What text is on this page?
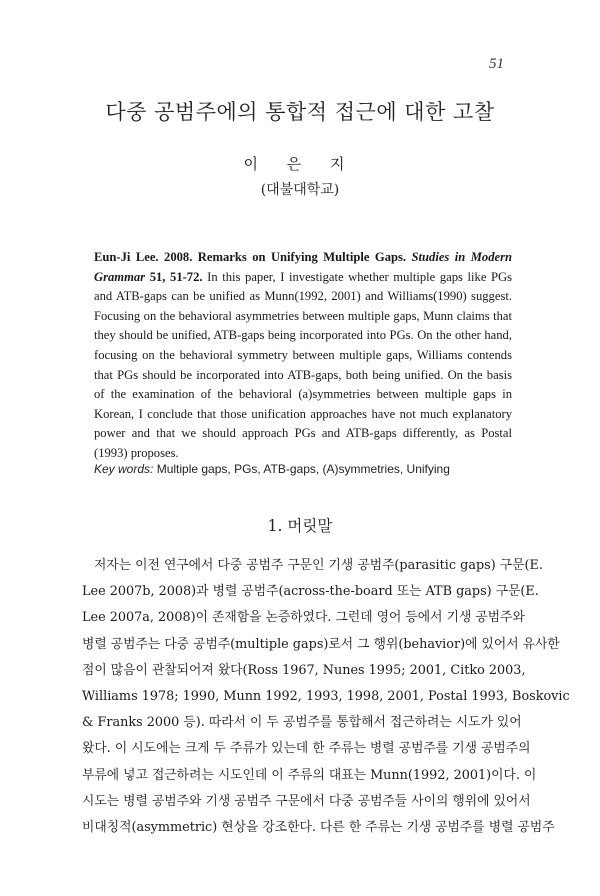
51
다중 공범주에의 통합적 접근에 대한 고찰
이 은 지
(대불대학교)
Eun-Ji Lee. 2008. Remarks on Unifying Multiple Gaps. Studies in Modern Grammar 51, 51-72. In this paper, I investigate whether multiple gaps like PGs and ATB-gaps can be unified as Munn(1992, 2001) and Williams(1990) suggest. Focusing on the behavioral asymmetries between multiple gaps, Munn claims that they should be unified, ATB-gaps being incorporated into PGs. On the other hand, focusing on the behavioral symmetry between multiple gaps, Williams contends that PGs should be incorporated into ATB-gaps, both being unified. On the basis of the examination of the behavioral (a)symmetries between multiple gaps in Korean, I conclude that those unification approaches have not much explanatory power and that we should approach PGs and ATB-gaps differently, as Postal (1993) proposes.
Key words: Multiple gaps, PGs, ATB-gaps, (A)symmetries, Unifying
1. 머릿말
저자는 이전 연구에서 다중 공범주 구문인 기생 공범주(parasitic gaps) 구문(E.
Lee 2007b, 2008)과 병렬 공범주(across-the-board 또는 ATB gaps) 구문(E.
Lee 2007a, 2008)이 존재함을 논증하였다. 그런데 영어 등에서 기생 공범주와
병렬 공범주는 다중 공범주(multiple gaps)로서 그 행위(behavior)에 있어서 유사한
점이 많음이 관찰되어져 왔다(Ross 1967, Nunes 1995; 2001, Citko 2003,
Williams 1978; 1990, Munn 1992, 1993, 1998, 2001, Postal 1993, Boskovic
& Franks 2000 등). 따라서 이 두 공범주를 통합해서 접근하려는 시도가 있어
왔다. 이 시도에는 크게 두 주류가 있는데 한 주류는 병렬 공범주를 기생 공범주의
부류에 넣고 접근하려는 시도인데 이 주류의 대표는 Munn(1992, 2001)이다. 이
시도는 병렬 공범주와 기생 공범주 구문에서 다중 공범주들 사이의 행위에 있어서
비대칭적(asymmetric) 현상을 강조한다. 다른 한 주류는 기생 공범주를 병렬 공범주
